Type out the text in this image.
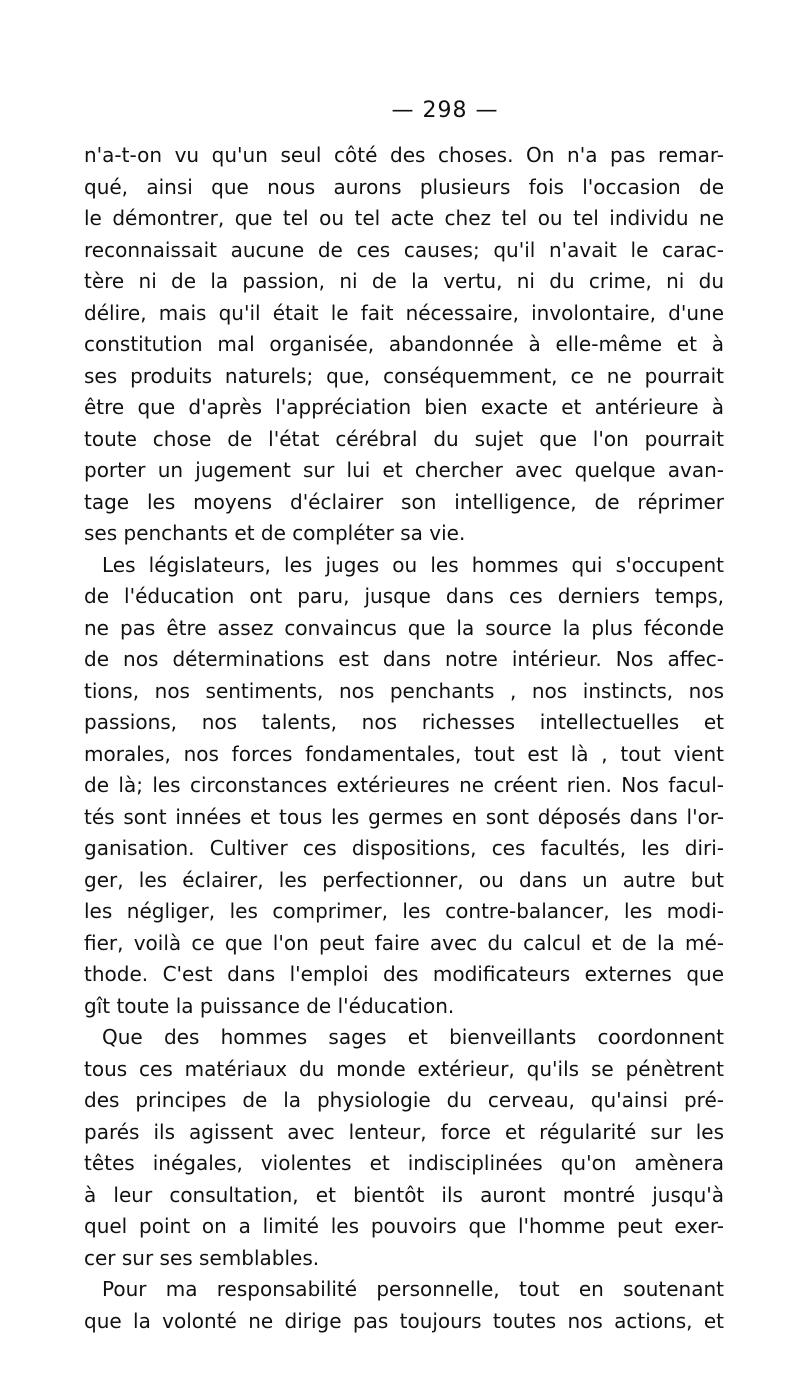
— 298 —
n'a-t-on vu qu'un seul côté des choses. On n'a pas remar-
qué, ainsi que nous aurons plusieurs fois l'occasion de
le démontrer, que tel ou tel acte chez tel ou tel individu ne
reconnaissait aucune de ces causes; qu'il n'avait le carac-
tère ni de la passion, ni de la vertu, ni du crime, ni du
délire, mais qu'il était le fait nécessaire, involontaire, d'une
constitution mal organisée, abandonnée à elle-même et à
ses produits naturels; que, conséquemment, ce ne pourrait
être que d'après l'appréciation bien exacte et antérieure à
toute chose de l'état cérébral du sujet que l'on pourrait
porter un jugement sur lui et chercher avec quelque avan-
tage les moyens d'éclairer son intelligence, de réprimer
ses penchants et de compléter sa vie.
Les législateurs, les juges ou les hommes qui s'occupent
de l'éducation ont paru, jusque dans ces derniers temps,
ne pas être assez convaincus que la source la plus féconde
de nos déterminations est dans notre intérieur. Nos affec-
tions, nos sentiments, nos penchants , nos instincts, nos
passions, nos talents, nos richesses intellectuelles et
morales, nos forces fondamentales, tout est là , tout vient
de là; les circonstances extérieures ne créent rien. Nos facul-
tés sont innées et tous les germes en sont déposés dans l'or-
ganisation. Cultiver ces dispositions, ces facultés, les diri-
ger, les éclairer, les perfectionner, ou dans un autre but
les négliger, les comprimer, les contre-balancer, les modi-
fier, voilà ce que l'on peut faire avec du calcul et de la mé-
thode. C'est dans l'emploi des modificateurs externes que
gît toute la puissance de l'éducation.
Que des hommes sages et bienveillants coordonnent
tous ces matériaux du monde extérieur, qu'ils se pénètrent
des principes de la physiologie du cerveau, qu'ainsi pré-
parés ils agissent avec lenteur, force et régularité sur les
têtes inégales, violentes et indisciplinées qu'on amènera
à leur consultation, et bientôt ils auront montré jusqu'à
quel point on a limité les pouvoirs que l'homme peut exer-
cer sur ses semblables.
Pour ma responsabilité personnelle, tout en soutenant
que la volonté ne dirige pas toujours toutes nos actions, et
